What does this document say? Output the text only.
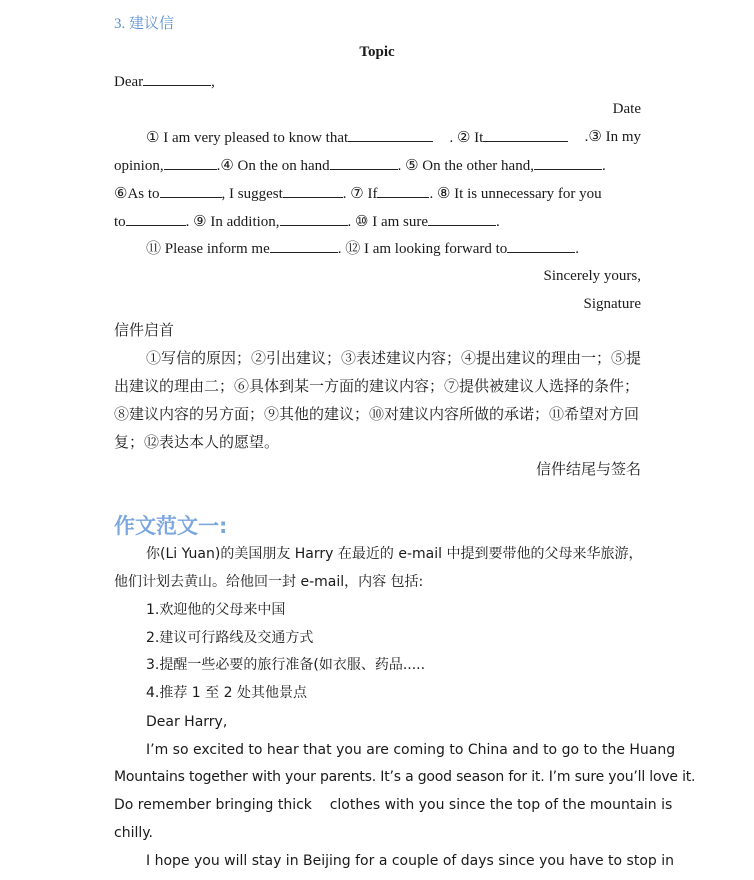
3. 建议信
Topic
Dear	,
Date
① I am very pleased to know that	. ② It	.③ In my
opinion,	.④ On the on hand	. ⑤ On the other hand,	.
⑥As to	, I suggest	. ⑦ If	. ⑧ It is unnecessary for you
to	. ⑨ In addition,	. ⑩ I am sure	.
⑪ Please inform me	. ⑫ I am looking forward to	.
Sincerely yours,
Signature
信件启首
①写信的原因；②引出建议；③表述建议内容；④提出建议的理由一；⑤提
出建议的理由二；⑥具体到某一方面的建议内容；⑦提供被建议人选择的条件；
⑧建议内容的另方面；⑨其他的建议；⑩对建议内容所做的承诺；⑪希望对方回
复；⑫表达本人的愿望。
信件结尾与签名
作文范文一:
你(Li Yuan)的美国朋友 Harry 在最近的 e-mail 中提到要带他的父母来华旅游，
他们计划去黄山。给他回一封 e-mail，内容 包括:
1.欢迎他的父母来中国
2.建议可行路线及交通方式
3.提醒一些必要的旅行准备(如衣服、药品.....
4.推荐 1 至 2 处其他景点
Dear Harry,
I’m so excited to hear that you are coming to China and to go to the Huang
Mountains together with your parents. It’s a good season for it. I’m sure you’ll love it.
Do remember bringing thick    clothes with you since the top of the mountain is
chilly.
I hope you will stay in Beijing for a couple of days since you have to stop in
